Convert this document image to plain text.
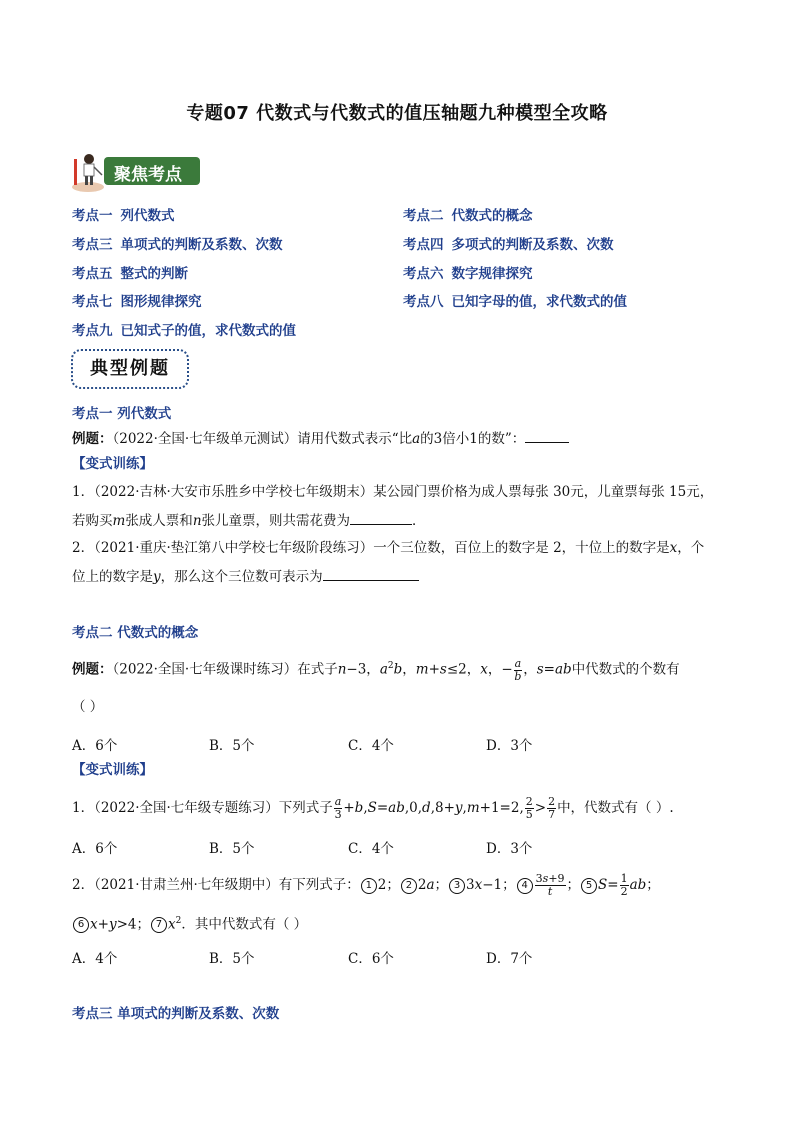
专题07 代数式与代数式的值压轴题九种模型全攻略
聚焦考点
考点一 列代数式	考点二 代数式的概念
考点三 单项式的判断及系数、次数	考点四 多项式的判断及系数、次数
考点五 整式的判断	考点六 数字规律探究
考点七 图形规律探究	考点八 已知字母的值，求代数式的值
考点九 已知式子的值，求代数式的值
典型例题
考点一 列代数式
例题：（2022·全国·七年级单元测试）请用代数式表示“比a的3倍小1的数”：
【变式训练】
1．（2022·吉林·大安市乐胜乡中学校七年级期末）某公园门票价格为成人票每张 30元，儿童票每张 15元，
若购买m张成人票和n张儿童票，则共需花费为	．
2．（2021·重庆·垫江第八中学校七年级阶段练习）一个三位数，百位上的数字是 2，十位上的数字是x，个
位上的数字是y，那么这个三位数可表示为
考点二 代数式的概念
例题：（2022·全国·七年级课时练习）在式子n−3，$a^2b$，m+s≤2，x，− $\frac{a}{b}$ ，s=ab中代数式的个数有
（ ）
A．6个	B．5个	C．4个	D．3个
【变式训练】
1．（2022·全国·七年级专题练习）下列式子 $\frac{a}{3} +b,S=ab,0,d,8+y,m+1=2$, $\frac{2}{5} > \frac{2}{7}$ 中，代数式有（ ）.
A．6个	B．5个	C．4个	D．3个
2．（2021·甘肃兰州·七年级期中）有下列式子： 1 2； 2 2a； 3 3x−1； $4 \frac{3s+9}{t}$ ； 5 $S= \frac{1}{2}$ ab；
6 x+y>4； 7 $x^2$．其中代数式有（ ）
A．4个	B．5个	C．6个	D．7个
考点三 单项式的判断及系数、次数
